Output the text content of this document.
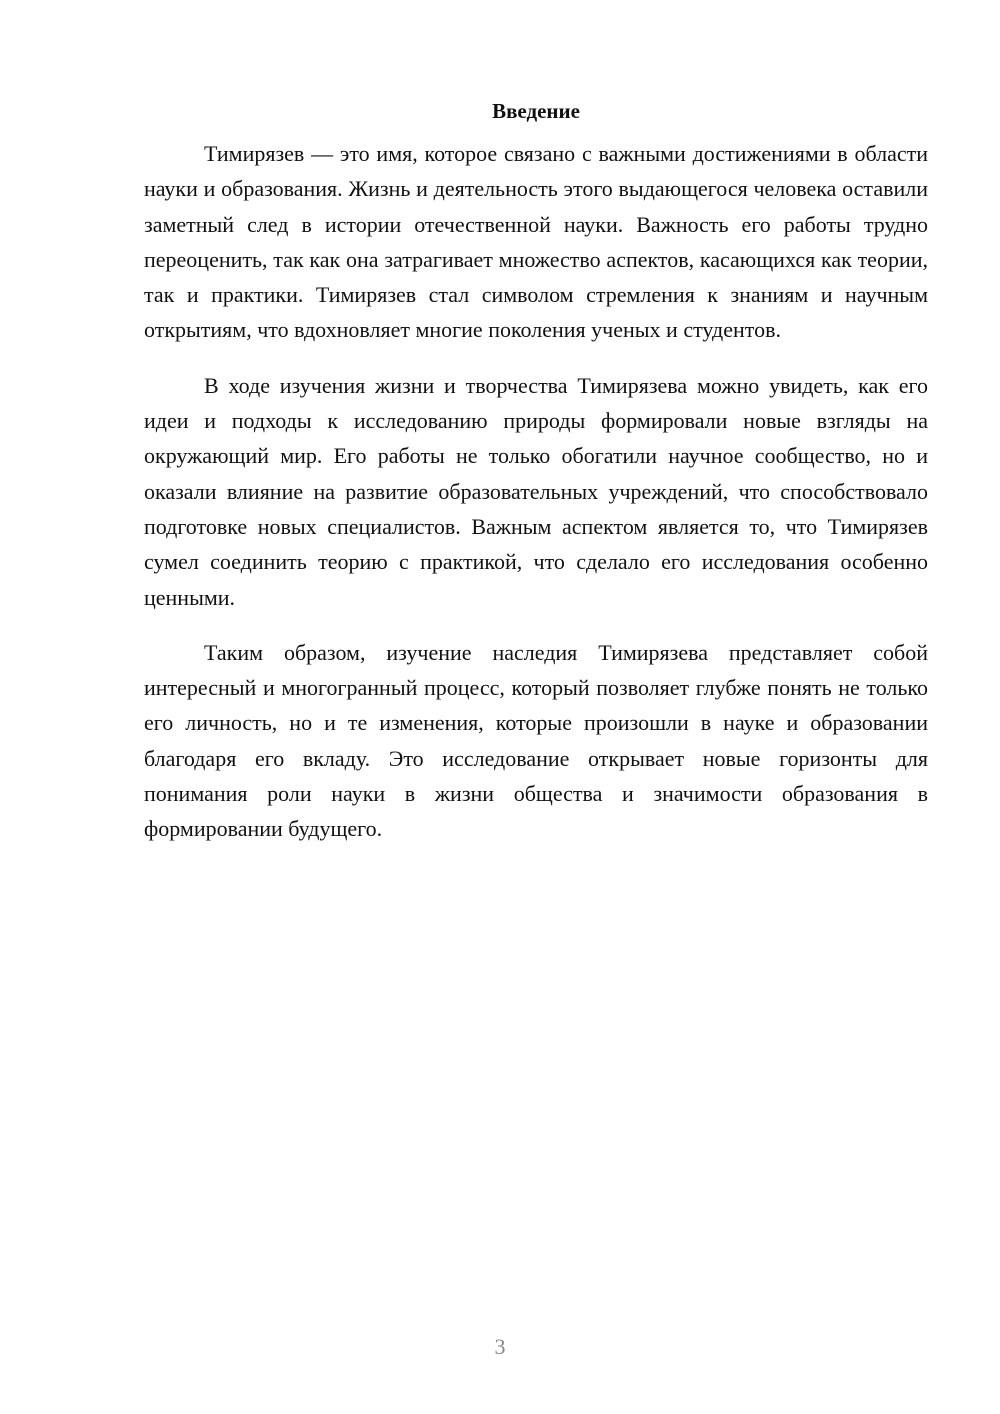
Введение

Тимирязев — это имя, которое связано с важными достижениями в области науки и образования. Жизнь и деятельность этого выдающегося человека оставили заметный след в истории отечественной науки. Важность его работы трудно переоценить, так как она затрагивает множество аспектов, касающихся как теории, так и практики. Тимирязев стал символом стремления к знаниям и научным открытиям, что вдохновляет многие поколения ученых и студентов.

В ходе изучения жизни и творчества Тимирязева можно увидеть, как его идеи и подходы к исследованию природы формировали новые взгляды на окружающий мир. Его работы не только обогатили научное сообщество, но и оказали влияние на развитие образовательных учреждений, что способствовало подготовке новых специалистов. Важным аспектом является то, что Тимирязев сумел соединить теорию с практикой, что сделало его исследования особенно ценными.

Таким образом, изучение наследия Тимирязева представляет собой интересный и многогранный процесс, который позволяет глубже понять не только его личность, но и те изменения, которые произошли в науке и образовании благодаря его вкладу. Это исследование открывает новые горизонты для понимания роли науки в жизни общества и значимости образования в формировании будущего.

3
